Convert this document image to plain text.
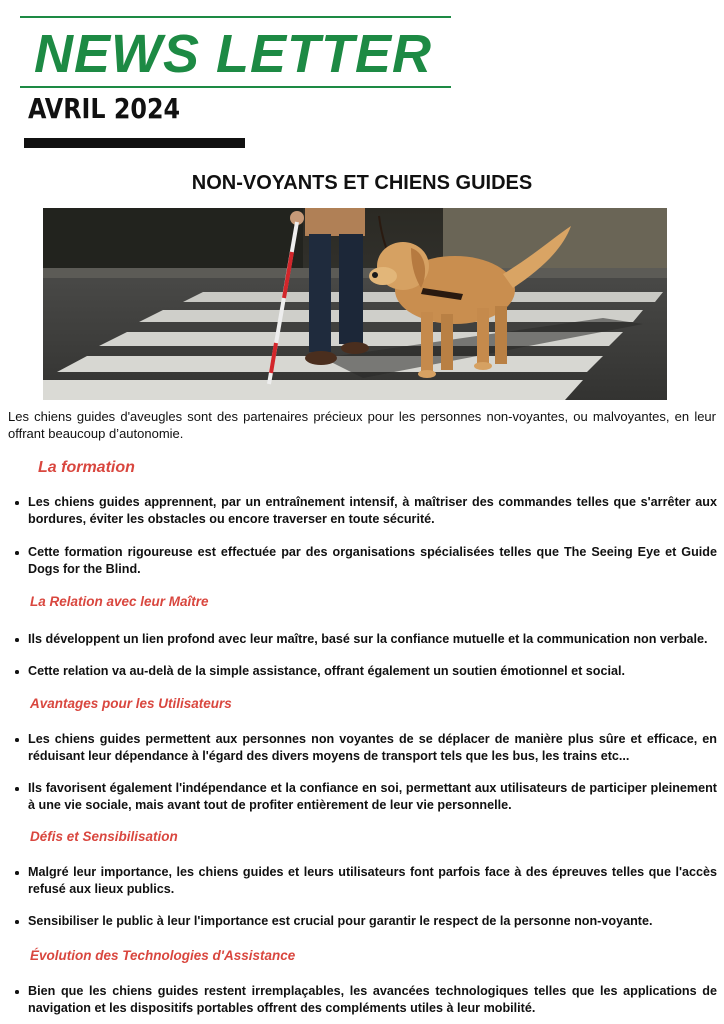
NEWS LETTER
AVRIL 2024
NON-VOYANTS ET CHIENS GUIDES
Les chiens guides d'aveugles sont des partenaires précieux pour les personnes non-voyantes, ou malvoyantes, en leur offrant beaucoup d’autonomie.
La formation
Les chiens guides apprennent, par un entraînement intensif, à maîtriser des commandes telles que s'arrêter aux bordures, éviter les obstacles ou encore traverser en toute sécurité.
Cette formation rigoureuse est effectuée par des organisations spécialisées telles que The Seeing Eye et Guide Dogs for the Blind.
La Relation avec leur Maître
Ils développent un lien profond avec leur maître, basé sur la confiance mutuelle et la communication non verbale.
Cette relation va au-delà de la simple assistance, offrant également un soutien émotionnel et social.
Avantages pour les Utilisateurs
Les chiens guides permettent aux personnes non voyantes de se déplacer de manière plus sûre et efficace, en réduisant leur dépendance à l'égard des divers moyens de transport tels que les bus, les trains etc...
Ils favorisent également l'indépendance et la confiance en soi, permettant aux utilisateurs de participer pleinement à une vie sociale, mais avant tout de profiter entièrement de leur vie personnelle.
Défis et Sensibilisation
Malgré leur importance, les chiens guides et leurs utilisateurs font parfois face à des épreuves telles que l'accès refusé aux lieux publics.
Sensibiliser le public à leur l'importance est crucial pour garantir le respect de la personne non-voyante.
Évolution des Technologies d'Assistance
Bien que les chiens guides restent irremplaçables, les avancées technologiques telles que les applications de navigation et les dispositifs portables offrent des compléments utiles à leur mobilité.
